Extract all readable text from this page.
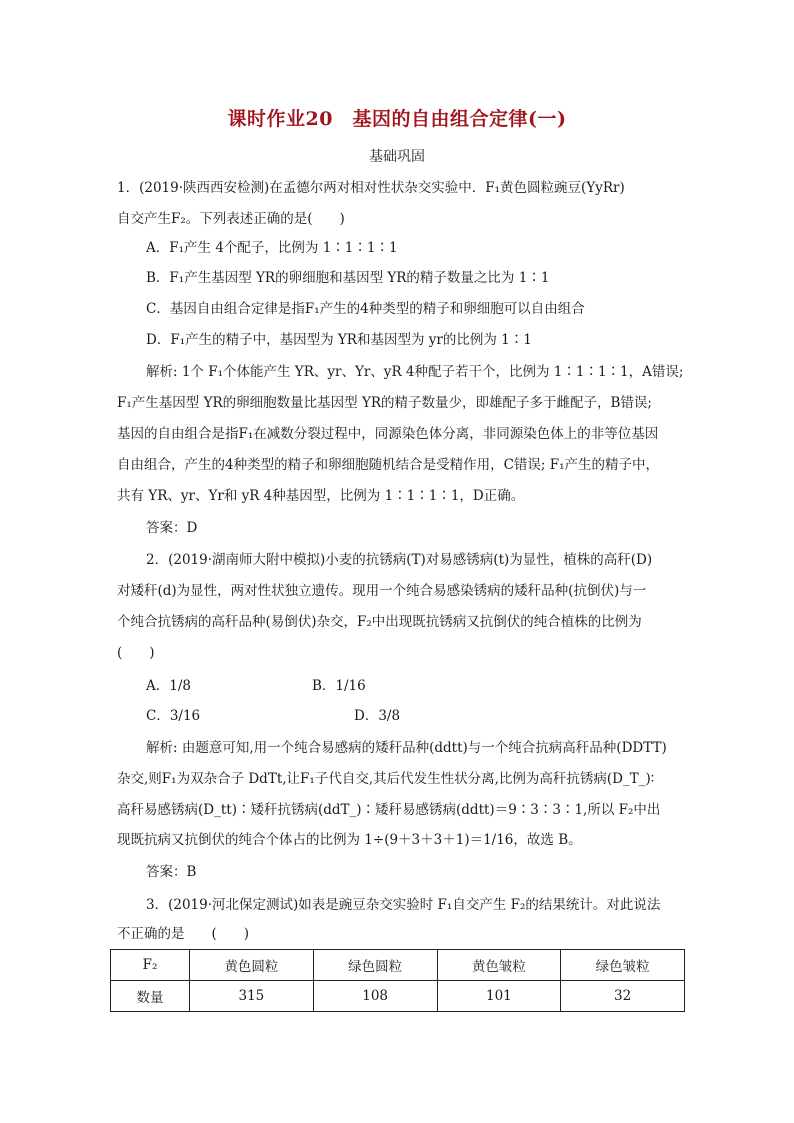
课时作业20　基因的自由组合定律(一)
基础巩固
1．(2019·陕西西安检测)在孟德尔两对相对性状杂交实验中．F₁黄色圆粒豌豆(YyRr)
自交产生F₂。下列表述正确的是(　　)
A．F₁产生 4个配子，比例为 1∶1∶1∶1
B．F₁产生基因型 YR的卵细胞和基因型 YR的精子数量之比为 1∶1
C．基因自由组合定律是指F₁产生的4种类型的精子和卵细胞可以自由组合
D．F₁产生的精子中，基因型为 YR和基因型为 yr的比例为 1∶1
解析: 1个 F₁个体能产生 YR、yr、Yr、yR 4种配子若干个，比例为 1∶1∶1∶1，A错误;
F₁产生基因型 YR的卵细胞数量比基因型 YR的精子数量少，即雄配子多于雌配子，B错误;
基因的自由组合是指F₁在减数分裂过程中，同源染色体分离，非同源染色体上的非等位基因
自由组合，产生的4种类型的精子和卵细胞随机结合是受精作用，C错误; F₁产生的精子中，
共有 YR、yr、Yr和 yR 4种基因型，比例为 1∶1∶1∶1，D正确。
答案：D
2．(2019·湖南师大附中模拟)小麦的抗锈病(T)对易感锈病(t)为显性，植株的高秆(D)
对矮秆(d)为显性，两对性状独立遗传。现用一个纯合易感染锈病的矮秆品种(抗倒伏)与一
个纯合抗锈病的高秆品种(易倒伏)杂交，F₂中出现既抗锈病又抗倒伏的纯合植株的比例为
(　　)
A．1/8	B．1/16
C．3/16	D．3/8
解析: 由题意可知,用一个纯合易感病的矮秆品种(ddtt)与一个纯合抗病高秆品种(DDTT)
杂交,则F₁为双杂合子 DdTt,让F₁子代自交,其后代发生性状分离,比例为高秆抗锈病(D_T_)∶
高秆易感锈病(D_tt)∶矮秆抗锈病(ddT_)∶矮秆易感锈病(ddtt)＝9∶3∶3∶1,所以 F₂中出
现既抗病又抗倒伏的纯合个体占的比例为 1÷(9＋3＋3＋1)＝1/16，故选 B。
答案：B
3．(2019·河北保定测试)如表是豌豆杂交实验时 F₁自交产生 F₂的结果统计。对此说法
不正确的是　　(　　)
F₂	黄色圆粒	绿色圆粒	黄色皱粒	绿色皱粒
数量	315	108	101	32
